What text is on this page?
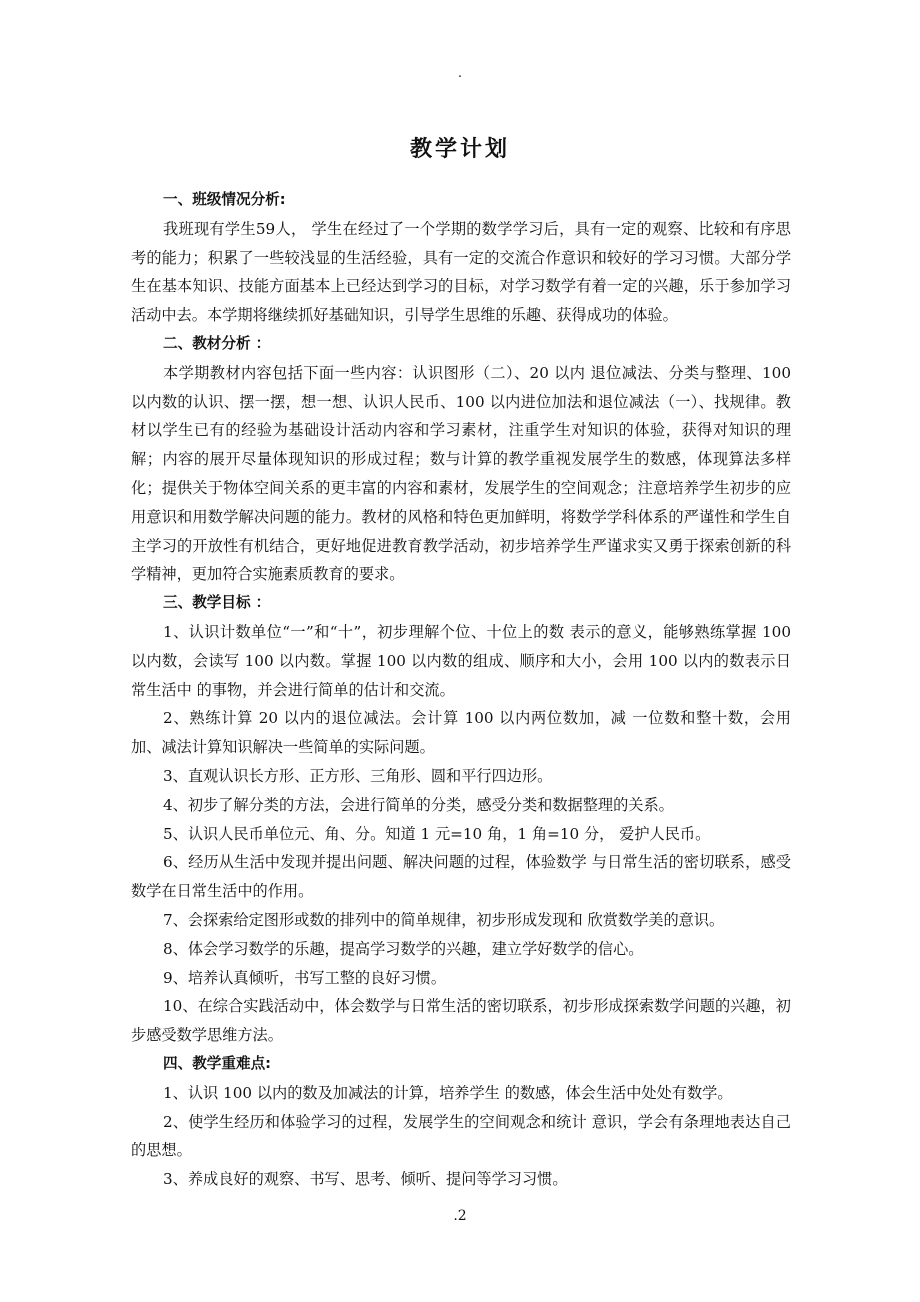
.
教学计划

一、班级情况分析:

我班现有学生59人， 学生在经过了一个学期的数学学习后，具有一定的观察、比较和有序思考的能力；积累了一些较浅显的生活经验，具有一定的交流合作意识和较好的学习习惯。大部分学生在基本知识、技能方面基本上已经达到学习的目标，对学习数学有着一定的兴趣，乐于参加学习活动中去。本学期将继续抓好基础知识，引导学生思维的乐趣、获得成功的体验。

二、教材分析 ：

本学期教材内容包括下面一些内容：认识图形（二）、20 以内 退位减法、分类与整理、100 以内数的认识、摆一摆，想一想、认识人民币、100 以内进位加法和退位减法（一）、找规律。教材以学生已有的经验为基础设计活动内容和学习素材，注重学生对知识的体验，获得对知识的理解；内容的展开尽量体现知识的形成过程；数与计算的教学重视发展学生的数感，体现算法多样化；提供关于物体空间关系的更丰富的内容和素材，发展学生的空间观念；注意培养学生初步的应用意识和用数学解决问题的能力。教材的风格和特色更加鲜明，将数学学科体系的严谨性和学生自主学习的开放性有机结合，更好地促进教育教学活动，初步培养学生严谨求实又勇于探索创新的科学精神，更加符合实施素质教育的要求。

三、教学目标 ：

1、认识计数单位“一”和“十”，初步理解个位、十位上的数 表示的意义，能够熟练掌握 100 以内数，会读写 100 以内数。掌握 100 以内数的组成、顺序和大小，会用 100 以内的数表示日常生活中 的事物，并会进行简单的估计和交流。

2、熟练计算 20 以内的退位减法。会计算 100 以内两位数加，减 一位数和整十数，会用加、减法计算知识解决一些简单的实际问题。

3、直观认识长方形、正方形、三角形、圆和平行四边形。

4、初步了解分类的方法，会进行简单的分类，感受分类和数据整理的关系。

5、认识人民币单位元、角、分。知道 1 元=10 角，1 角=10 分， 爱护人民币。

6、经历从生活中发现并提出问题、解决问题的过程，体验数学 与日常生活的密切联系，感受数学在日常生活中的作用。

7、会探索给定图形或数的排列中的简单规律，初步形成发现和 欣赏数学美的意识。

8、体会学习数学的乐趣，提高学习数学的兴趣，建立学好数学的信心。

9、培养认真倾听，书写工整的良好习惯。

10、在综合实践活动中，体会数学与日常生活的密切联系，初步形成探索数学问题的兴趣，初步感受数学思维方法。

四、教学重难点:

1、认识 100 以内的数及加减法的计算，培养学生 的数感，体会生活中处处有数学。

2、使学生经历和体验学习的过程，发展学生的空间观念和统计 意识，学会有条理地表达自己的思想。

3、养成良好的观察、书写、思考、倾听、提问等学习习惯。

.2
